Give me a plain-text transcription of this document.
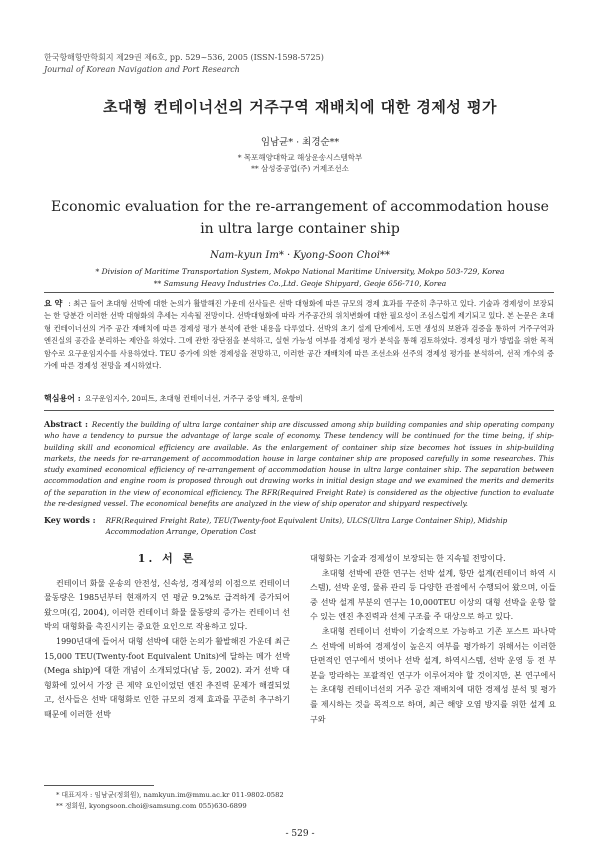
한국항해항만학회지 제29권 제6호, pp. 529~536, 2005 (ISSN-1598-5725)
Journal of Korean Navigation and Port Research
초대형 컨테이너선의 거주구역 재배치에 대한 경제성 평가
임남균* · 최경순**
* 목포해양대학교 해상운송시스템학부
** 삼성중공업(주) 거제조선소
Economic evaluation for the re-arrangement of accommodation house
in ultra large container ship
Nam-kyun Im* · Kyong-Soon Choi**
* Division of Maritime Transportation System, Mokpo National Maritime University, Mokpo 503-729, Korea
** Samsung Heavy Industries Co.,Ltd. Geoje Shipyard, Geoje 656-710, Korea
요 약 : 최근 들어 초대형 선박에 대한 논의가 활발해진 가운데 선사들은 선박 대형화에 따른 규모의 경제 효과를 꾸준히 추구하고 있다. 기술과 경제성이 보장되는 한 당분간 이러한 선박 대형화의 추세는 지속될 전망이다. 선박대형화에 따라 거주공간의 위치변화에 대한 필요성이 조심스럽게 제기되고 있다. 본 논문은 초대형 컨테이너선의 거주 공간 재배치에 따른 경제성 평가 분석에 관한 내용을 다루었다. 선박의 초기 설계 단계에서, 도면 생성의 보완과 검증을 통하여 거주구역과 엔진실의 공간을 분리하는 제안을 하였다. 그에 관한 장단점을 분석하고, 실현 가능성 여부를 경제성 평가 분석을 통해 검토하였다. 경제성 평가 방법을 위한 목적함수로 요구운임지수를 사용하였다. TEU 증가에 의한 경제성을 전망하고, 이러한 공간 재배치에 따른 조선소와 선주의 경제성 평가를 분석하여, 선적 개수의 증가에 따른 경제성 전망을 제시하였다.
핵심용어 : 요구운임지수, 20피트, 초대형 컨테이너선, 거주구 중앙 배치, 운항비
Abstract : Recently the building of ultra large container ship are discussed among ship building companies and ship operating company who have a tendency to pursue the advantage of large scale of economy. These tendency will be continued for the time being, if ship-building skill and economical efficiency are available. As the enlargement of container ship size becomes hot issues in ship-building markets, the needs for re-arrangement of accommodation house in large container ship are proposed carefully in some researches. This study examined economical efficiency of re-arrangement of accommodation house in ultra large container ship. The separation between accommodation and engine room is proposed through out drawing works in initial design stage and we examined the merits and demerits of the separation in the view of economical efficiency. The RFR(Required Freight Rate) is considered as the objective function to evaluate the re-designed vessel. The economical benefits are analyzed in the view of ship operator and shipyard respectively.
Key words : RFR(Required Freight Rate), TEU(Twenty-foot Equivalent Units), ULCS(Ultra Large Container Ship), Midship Accommodation Arrange, Operation Cost
1. 서 론

컨테이너 화물 운송의 안전성, 신속성, 경제성의 이점으로 컨테이너 물동량은 1985년부터 현재까지 연 평균 9.2%로 급격하게 증가되어 왔으며(김, 2004), 이러한 컨테이너 화물 물동량의 증가는 컨테이너 선박의 대형화를 촉진시키는 중요한 요인으로 작용하고 있다.

1990년대에 들어서 대형 선박에 대한 논의가 활발해진 가운데 최근 15,000 TEU(Twenty-foot Equivalent Units)에 달하는 메가 선박(Mega ship)에 대한 개념이 소개되었다(남 등, 2002). 과거 선박 대형화에 있어서 가장 큰 제약 요인이었던 엔진 추진력 문제가 해결되었고, 선사들은 선박 대형화로 인한 규모의 경제 효과를 꾸준히 추구하기 때문에 이러한 선박

대형화는 기술과 경제성이 보장되는 한 지속될 전망이다.

초대형 선박에 관한 연구는 선박 설계, 항만 설계(컨테이너 하역 시스템), 선박 운영, 물류 관리 등 다양한 관점에서 수행되어 왔으며, 이들 중 선박 설계 부분의 연구는 10,000TEU 이상의 대형 선박을 운항 할 수 있는 엔진 추진력과 선체 구조를 주 대상으로 하고 있다.

초대형 컨테이너 선박이 기술적으로 가능하고 기존 포스트 파나막스 선박에 비하여 경제성이 높은지 여부를 평가하기 위해서는 이러한 단편적인 연구에서 벗어나 선박 설계, 하역시스템, 선박 운영 등 전 부분을 망라하는 포괄적인 연구가 이루어져야 할 것이지만, 본 연구에서는 초대형 컨테이너선의 거주 공간 재배치에 대한 경제성 분석 및 평가를 제시하는 것을 목적으로 하며, 최근 해양 오염 방지를 위한 설계 요구와

* 대표저자 : 임남균(정회원), namkyun.im@mmu.ac.kr 011-9802-0582
** 정회원, kyongsoon.choi@samsung.com 055)630-6899
- 529 -
